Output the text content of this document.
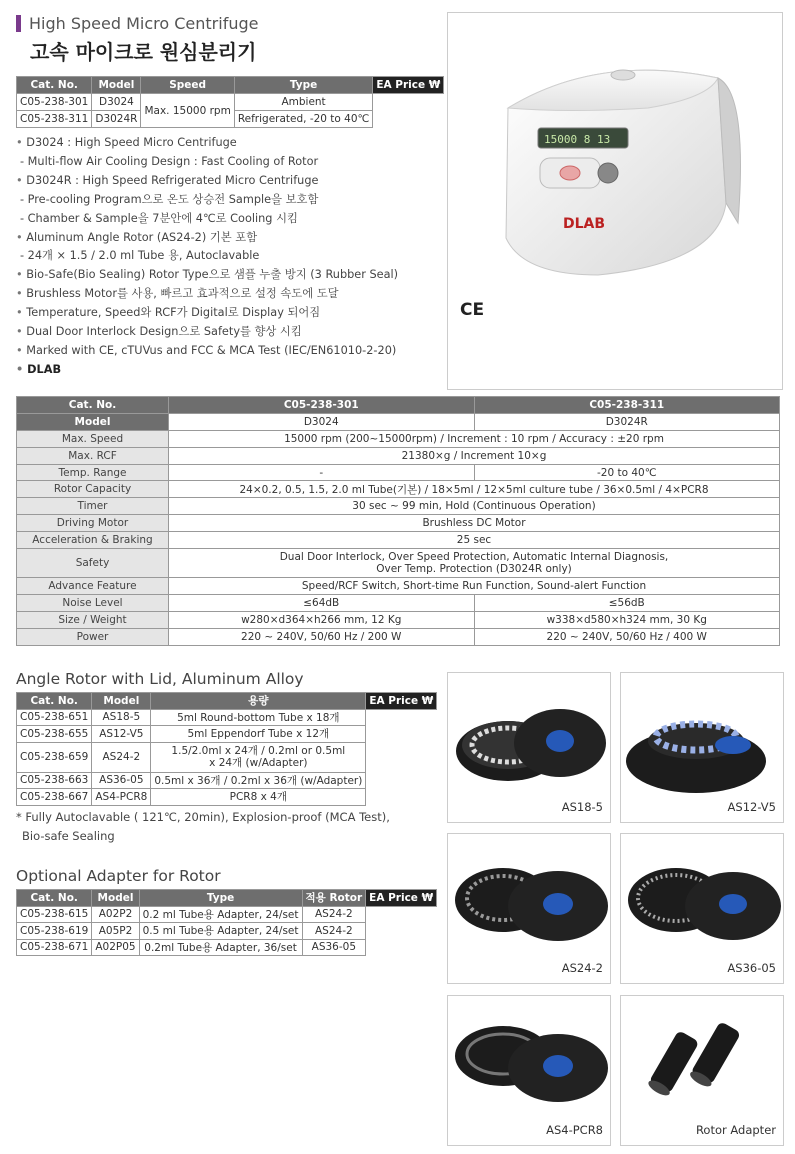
High Speed Micro Centrifuge
고속 마이크로 원심분리기
Cat. No.	Model	Speed	Type	EA Price ₩
C05-238-301	D3024	Max. 15000 rpm	Ambient	
C05-238-311	D3024R		Refrigerated, -20 to 40℃	
• D3024 : High Speed Micro Centrifuge
- Multi-flow Air Cooling Design : Fast Cooling of Rotor
• D3024R : High Speed Refrigerated Micro Centrifuge
- Pre-cooling Program으로 온도 상승전 Sample을 보호함
- Chamber & Sample을 7분안에 4℃로 Cooling 시킴
• Aluminum Angle Rotor (AS24-2) 기본 포함
- 24개 × 1.5 / 2.0 ml Tube 용, Autoclavable
• Bio-Safe(Bio Sealing) Rotor Type으로 샘플 누출 방지 (3 Rubber Seal)
• Brushless Motor를 사용, 빠르고 효과적으로 설정 속도에 도달
• Temperature, Speed와 RCF가 Digital로 Display 되어짐
• Dual Door Interlock Design으로 Safety를 향상 시킴
• Marked with CE, cTUVus and FCC & MCA Test (IEC/EN61010-2-20)
• DLAB
15000 8 13
DLAB
CE
Cat. No.	C05-238-301	C05-238-311
Model	D3024	D3024R
Max. Speed	15000 rpm (200~15000rpm) / Increment : 10 rpm / Accuracy : ±20 rpm	
Max. RCF	21380×g / Increment 10×g	
Temp. Range	-	-20 to 40℃
Rotor Capacity	24×0.2, 0.5, 1.5, 2.0 ml Tube(기본) / 18×5ml / 12×5ml culture tube / 36×0.5ml / 4×PCR8	
Timer	30 sec ~ 99 min, Hold (Continuous Operation)	
Driving Motor	Brushless DC Motor	
Acceleration & Braking	25 sec	
Safety	Dual Door Interlock, Over Speed Protection, Automatic Internal Diagnosis,
Over Temp. Protection (D3024R only)	

Advance Feature	Speed/RCF Switch, Short-time Run Function, Sound-alert Function	
Noise Level	≤64dB	≤56dB
Size / Weight	w280×d364×h266 mm, 12 Kg	w338×d580×h324 mm, 30 Kg
Power	220 ~ 240V, 50/60 Hz / 200 W	220 ~ 240V, 50/60 Hz / 400 W
Angle Rotor with Lid, Aluminum Alloy
Cat. No.	Model	용량	EA Price ₩
C05-238-651	AS18-5	5ml Round-bottom Tube x 18개	
C05-238-655	AS12-V5	5ml Eppendorf Tube x 12개	
C05-238-659	AS24-2	1.5/2.0ml x 24개 / 0.2ml or 0.5ml
x 24개 (w/Adapter)	

C05-238-663	AS36-05	0.5ml x 36개 / 0.2ml x 36개 (w/Adapter)	
C05-238-667	AS4-PCR8	PCR8 x 4개	
* Fully Autoclavable ( 121℃, 20min), Explosion-proof (MCA Test),
Bio-safe Sealing
Optional Adapter for Rotor
Cat. No.	Model	Type	적용 Rotor	EA Price ₩
C05-238-615	A02P2	0.2 ml Tube용 Adapter, 24/set	AS24-2	
C05-238-619	A05P2	0.5 ml Tube용 Adapter, 24/set	AS24-2	
C05-238-671	A02P05	0.2ml Tube용 Adapter, 36/set	AS36-05	
AS18-5	AS12-V5
AS24-2	AS36-05
AS4-PCR8	Rotor Adapter
